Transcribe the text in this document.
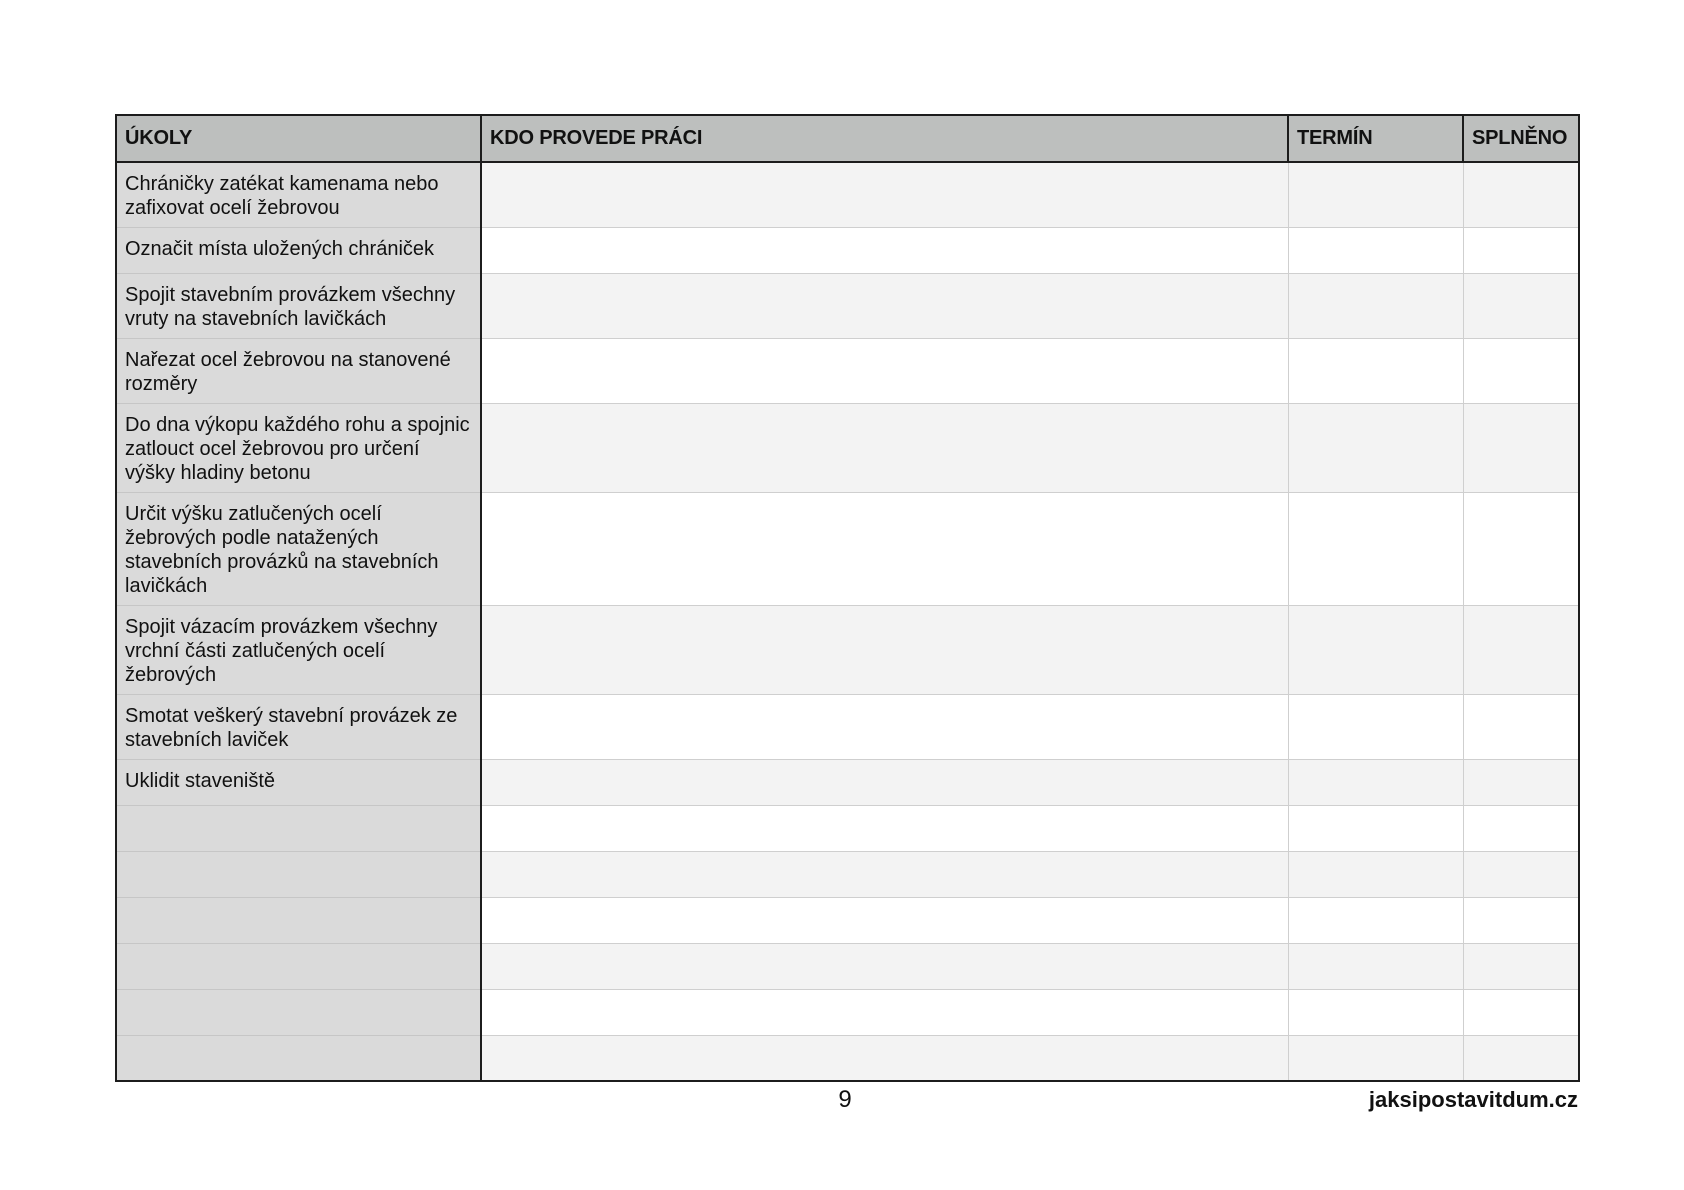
ÚKOLY	KDO PROVEDE PRÁCI	TERMÍN	SPLNĚNO
Chráničky zatékat kamenama nebo zafixovat ocelí žebrovou			
Označit místa uložených chrániček			
Spojit stavebním provázkem všechny vruty na stavebních lavičkách			
Nařezat ocel žebrovou na stanovené rozměry			
Do dna výkopu každého rohu a spojnic zatlouct ocel žebrovou pro určení výšky hladiny betonu			
Určit výšku zatlučených ocelí žebrových podle natažených stavebních provázků na stavebních lavičkách			
Spojit vázacím provázkem všechny vrchní části zatlučených ocelí žebrových			
Smotat veškerý stavební provázek ze stavebních laviček			
Uklidit staveniště			

9	jaksipostavitdum.cz
